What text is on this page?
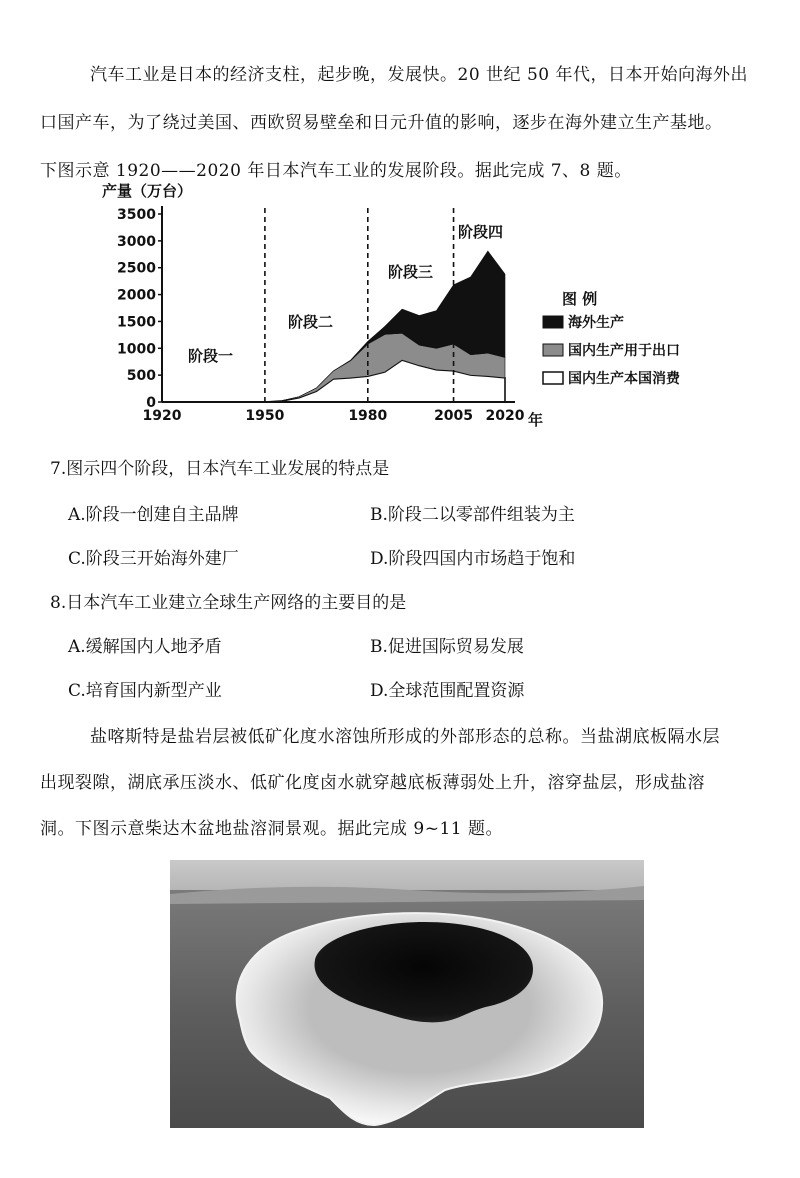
汽车工业是日本的经济支柱，起步晚，发展快。20 世纪 50 年代，日本开始向海外出
口国产车，为了绕过美国、西欧贸易壁垒和日元升值的影响，逐步在海外建立生产基地。
下图示意 1920——2020 年日本汽车工业的发展阶段。据此完成 7、8 题。
0
500
1000
1500
2000
2500
3000
3500
1920	1950	1980	2005 2020
产量（万台）
年
阶段一
阶段二
阶段三
阶段四
图 例
海外生产
国内生产用于出口
国内生产本国消费
7.图示四个阶段，日本汽车工业发展的特点是
A.阶段一创建自主品牌	B.阶段二以零部件组装为主
C.阶段三开始海外建厂	D.阶段四国内市场趋于饱和
8.日本汽车工业建立全球生产网络的主要目的是
A.缓解国内人地矛盾	B.促进国际贸易发展
C.培育国内新型产业	D.全球范围配置资源
盐喀斯特是盐岩层被低矿化度水溶蚀所形成的外部形态的总称。当盐湖底板隔水层
出现裂隙，湖底承压淡水、低矿化度卤水就穿越底板薄弱处上升，溶穿盐层，形成盐溶
洞。下图示意柴达木盆地盐溶洞景观。据此完成 9~11 题。
